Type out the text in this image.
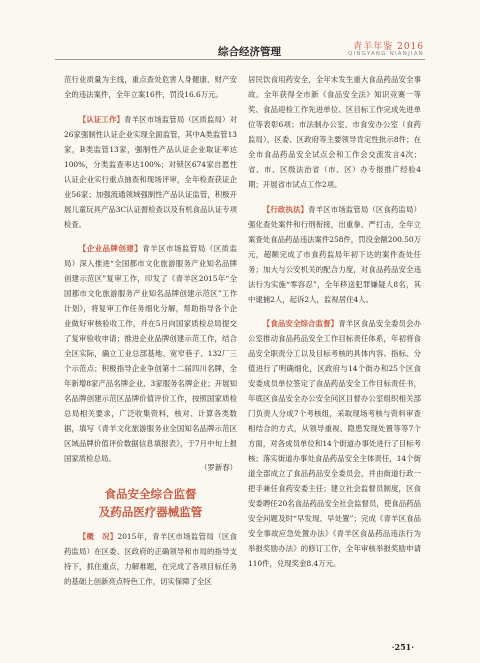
综合经济管理	青羊年鉴 2016
QINGYANG NIANJIAN

范行业质量为主线，重点查处危害人身健康、财产安全的违法案件，全年立案16件，罚没16.6万元。

【认证工作】青羊区市场监管局（区质监局）对26家强制性认证企业实现全面监管，其中A类监管13家，B类监管13家，强制性产品认证企业取证率达100%，分类监查率达100%；对锁区674家自愿性认证企业实行重点抽查和现场评审，全年检查获证企业56家；加强流通领域强制性产品认证监管，积极开展儿童玩具产品3C认证督检查以及有机食品认证专项检查。

【企业品牌创建】青羊区市场监管局（区质监局）深入推进“全国都市文化旅游服务产业知名品牌创建示范区”复审工作，印发了《青羊区2015年“全国都市文化旅游服务产业知名品牌创建示范区”工作计划》，将复审工作任务细化分解，帮助指导各个企业做好审核验收工作，并在5月向国家质检总局提交了复审验收申请；推进企业品牌创建示范工作，结合全区实际，确立工业总部基地、宽窄巷子、132厂三个示范点；积极指导企业争创第十二届四川名牌，全年新增8家产品名牌企业、3家服务名牌企业；开展知名品牌创建示范区品牌价值评价工作，按照国家质检总局相关要求，广泛收集资料，核对、计算各类数据，填写《青羊文化旅游服务业全国知名品牌示范区区域品牌价值评价数据信息填报表》，于7月中旬上报国家质检总局。

（罗新春）
食品安全综合监督
及药品医疗器械监管

【概　况】2015年，青羊区市场监管局（区食药监局）在区委、区政府的正确领导和市局的指导支持下，抓住重点，力解难题，在完成了各项目标任务的基础上创新亮点特色工作，切实保障了全区

居民饮食用药安全，全年未发生重大食品药品安全事故。全年获得全市新《食品安全法》知识竞赛一等奖、食品迎检工作先进单位、区目标工作完成先进单位等表彰6项；市法制办公室、市食安办公室（食药监局）、区委、区政府等主要领导肯定性批示8件；在全市食品药品安全试点会和工作会交流发言4次；省、市、区级法治省（市、区）办专报推广经验4期；开展省市试点工作2项。

【行政执法】青羊区市场监管局（区食药监局）强化查处案件和行刑衔接，出重拳、严打击，全年立案查处食品药品违法案件258件，罚没金额200.50万元，超额完成了市食药监局年初下达的案件查处任务；加大与公安机关的配合力度，对食品药品安全违法行为实施“零容忍”，全年移送犯罪嫌疑人8名，其中逮捕2人，起诉2人，监视居住4人。

【食品安全综合监督】青羊区食品安全委员会办公室推动食品药品安全工作目标责任体系，年初将食品安全职责分工以及目标考核的具体内容、指标、分值进行了明确细化，区政府与14个街办和25个区食安委成员单位签定了食品药品安全工作目标责任书，年底区食品安全办公安全问区目督办公室组织相关部门负责人分成7个考核组，采取现场考核与资料审查相结合的方式，从领导重视、隐患发现处置等等7个方面，对各成员单位和14个街道办事处进行了目标考核；落实街道办事处食品药品安全主体责任，14个街道全部成立了食品药品安全委员会，并由街道行政一把手兼任食药安委主任；建立社会监督员制度，区食安委聘任20名食品药品安全社会监督员，使食品药品安全问题及时“早发现、早处置”；完成《青羊区食品安全事故应急处置办法》《青羊区食品药品违法行为举报奖励办法》的修订工作，全年审核举报奖励申请110件，兑现奖金8.4万元。

·251·
